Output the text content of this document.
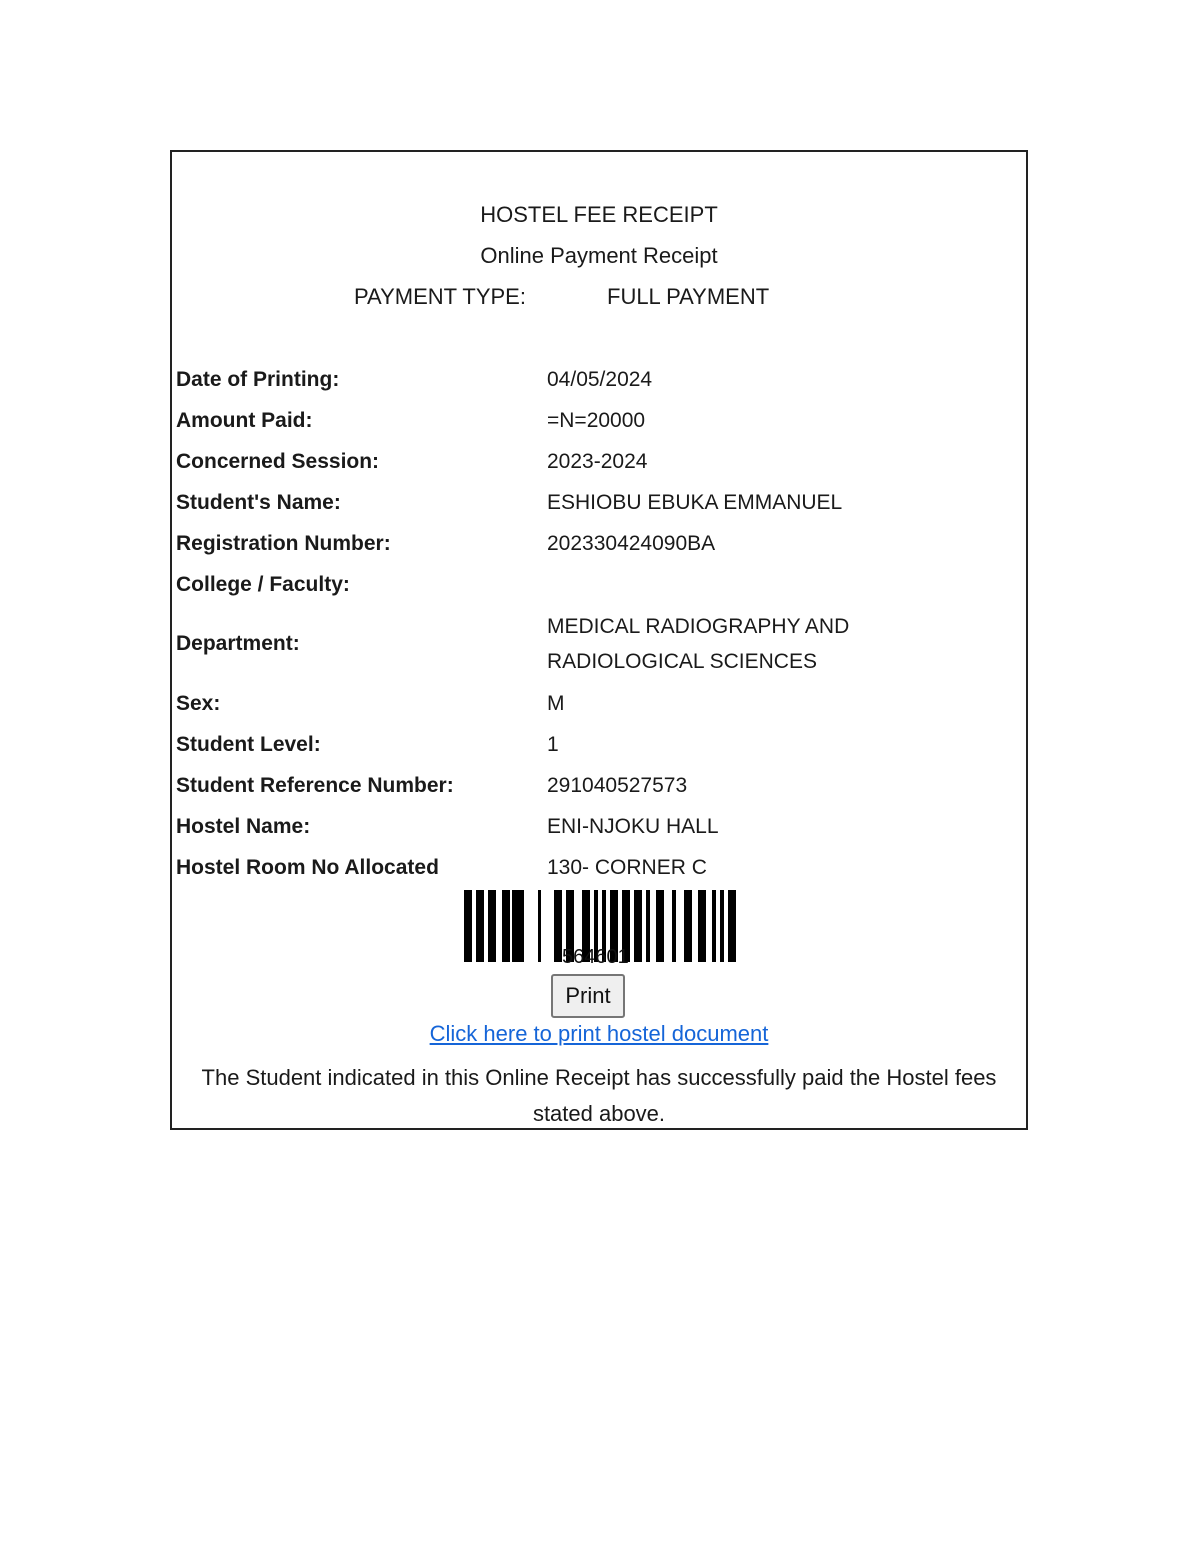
HOSTEL FEE RECEIPT
Online Payment Receipt
PAYMENT TYPE:	FULL PAYMENT
Date of Printing:	04/05/2024
Amount Paid:	=N=20000
Concerned Session:	2023-2024
Student's Name:	ESHIOBU EBUKA EMMANUEL
Registration Number:	202330424090BA
College / Faculty:
Department:
MEDICAL RADIOGRAPHY AND
RADIOLOGICAL SCIENCES
Sex:	M
Student Level:	1
Student Reference Number:	291040527573
Hostel Name:	ENI-NJOKU HALL
Hostel Room No Allocated	130- CORNER C
564601
Print
Click here to print hostel document
The Student indicated in this Online Receipt has successfully paid the Hostel fees
stated above.
